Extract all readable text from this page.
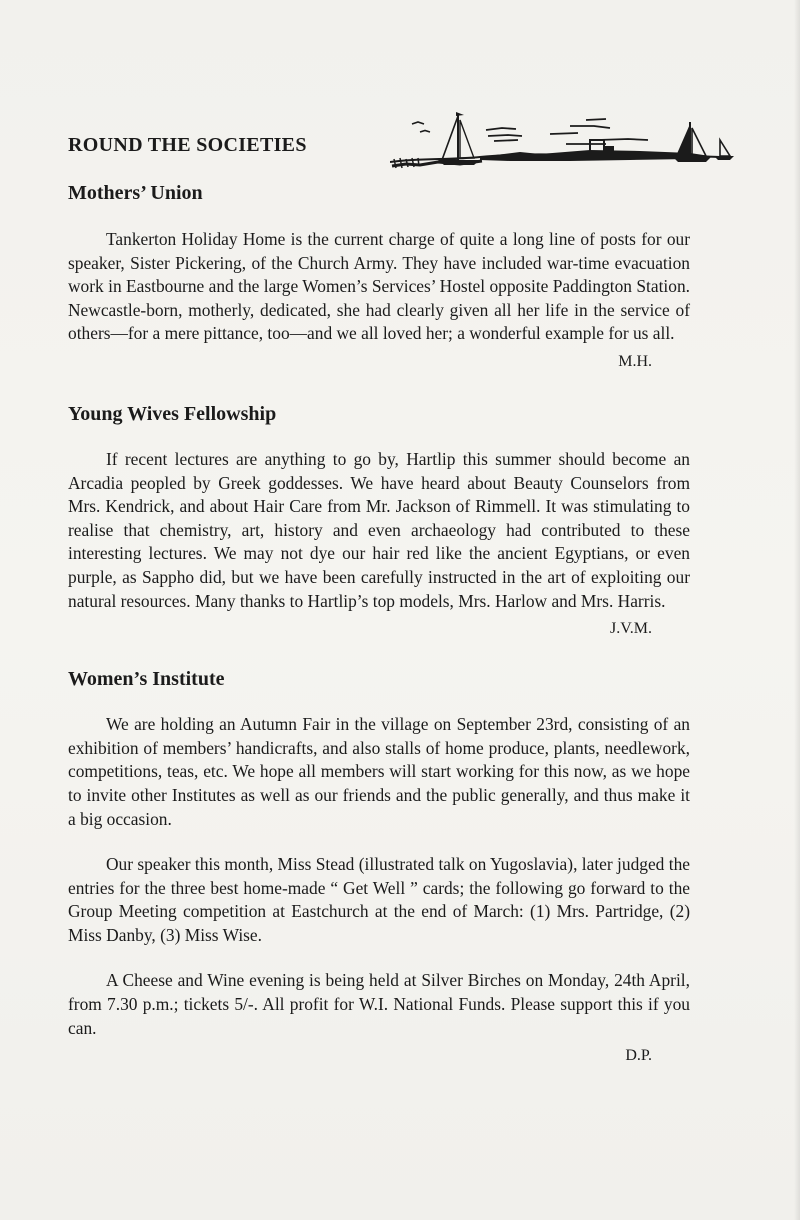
ROUND THE SOCIETIES
Mothers’ Union

Tankerton Holiday Home is the current charge of quite a long line of posts for our speaker, Sister Pickering, of the Church Army. They have included war-time evacuation work in Eastbourne and the large Women’s Services’ Hostel opposite Paddington Station. Newcastle-born, motherly, dedicated, she had clearly given all her life in the service of others—for a mere pittance, too—and we all loved her; a wonderful example for us all.

M.H.
Young Wives Fellowship

If recent lectures are anything to go by, Hartlip this summer should become an Arcadia peopled by Greek goddesses. We have heard about Beauty Counselors from Mrs. Kendrick, and about Hair Care from Mr. Jackson of Rimmell. It was stimulating to realise that chemistry, art, history and even archaeology had contributed to these interesting lectures. We may not dye our hair red like the ancient Egyptians, or even purple, as Sappho did, but we have been carefully instructed in the art of exploiting our natural resources. Many thanks to Hartlip’s top models, Mrs. Harlow and Mrs. Harris.

J.V.M.
Women’s Institute

We are holding an Autumn Fair in the village on September 23rd, consisting of an exhibition of members’ handicrafts, and also stalls of home produce, plants, needlework, competitions, teas, etc. We hope all members will start working for this now, as we hope to invite other Institutes as well as our friends and the public generally, and thus make it a big occasion.

Our speaker this month, Miss Stead (illustrated talk on Yugoslavia), later judged the entries for the three best home-made “ Get Well ” cards; the following go forward to the Group Meeting competition at Eastchurch at the end of March: (1) Mrs. Partridge, (2) Miss Danby, (3) Miss Wise.

A Cheese and Wine evening is being held at Silver Birches on Monday, 24th April, from 7.30 p.m.; tickets 5/-. All profit for W.I. National Funds. Please support this if you can.

D.P.
